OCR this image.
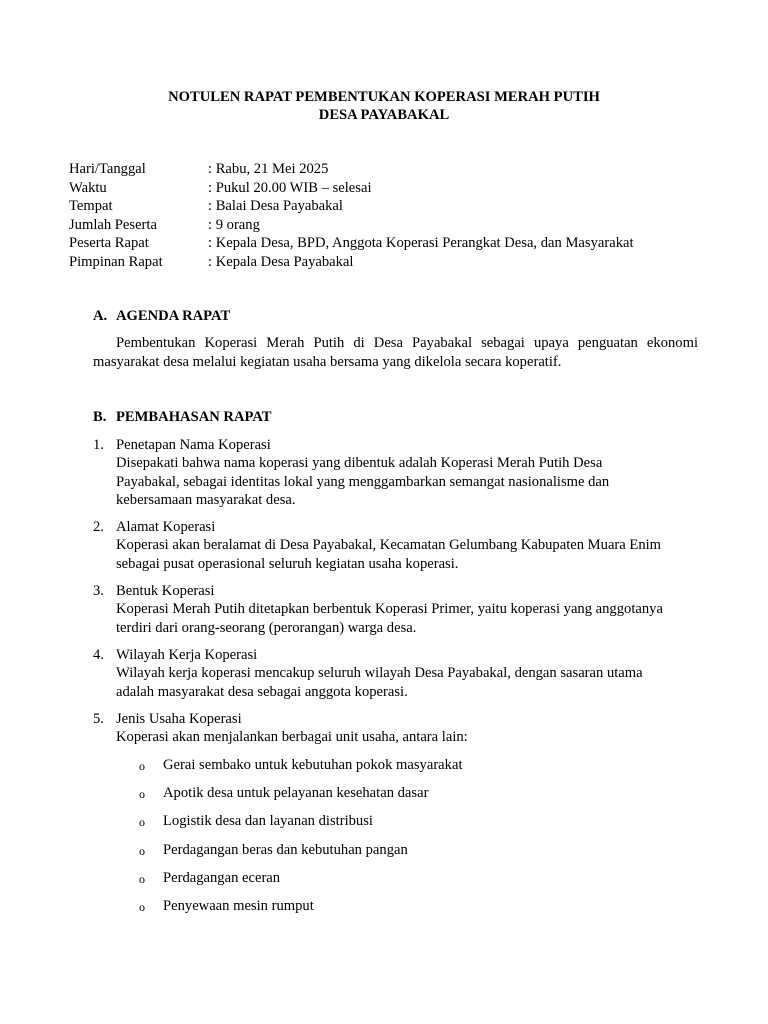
NOTULEN RAPAT PEMBENTUKAN KOPERASI MERAH PUTIH
DESA PAYABAKAL
Hari/Tanggal	: Rabu, 21 Mei 2025
Waktu	: Pukul 20.00 WIB – selesai
Tempat	: Balai Desa Payabakal
Jumlah Peserta	: 9 orang
Peserta Rapat	: Kepala Desa, BPD, Anggota Koperasi Perangkat Desa, dan Masyarakat
Pimpinan Rapat	: Kepala Desa Payabakal
A. AGENDA RAPAT
Pembentukan Koperasi Merah Putih di Desa Payabakal sebagai upaya penguatan ekonomi masyarakat desa melalui kegiatan usaha bersama yang dikelola secara koperatif.
B. PEMBAHASAN RAPAT
1. Penetapan Nama Koperasi
Disepakati bahwa nama koperasi yang dibentuk adalah Koperasi Merah Putih Desa
Payabakal, sebagai identitas lokal yang menggambarkan semangat nasionalisme dan
kebersamaan masyarakat desa.
2. Alamat Koperasi
Koperasi akan beralamat di Desa Payabakal, Kecamatan Gelumbang Kabupaten Muara Enim
sebagai pusat operasional seluruh kegiatan usaha koperasi.
3. Bentuk Koperasi
Koperasi Merah Putih ditetapkan berbentuk Koperasi Primer, yaitu koperasi yang anggotanya
terdiri dari orang-seorang (perorangan) warga desa.
4. Wilayah Kerja Koperasi
Wilayah kerja koperasi mencakup seluruh wilayah Desa Payabakal, dengan sasaran utama
adalah masyarakat desa sebagai anggota koperasi.
5. Jenis Usaha Koperasi
Koperasi akan menjalankan berbagai unit usaha, antara lain:
o Gerai sembako untuk kebutuhan pokok masyarakat
o Apotik desa untuk pelayanan kesehatan dasar
o Logistik desa dan layanan distribusi
o Perdagangan beras dan kebutuhan pangan
o Perdagangan eceran
o Penyewaan mesin rumput
